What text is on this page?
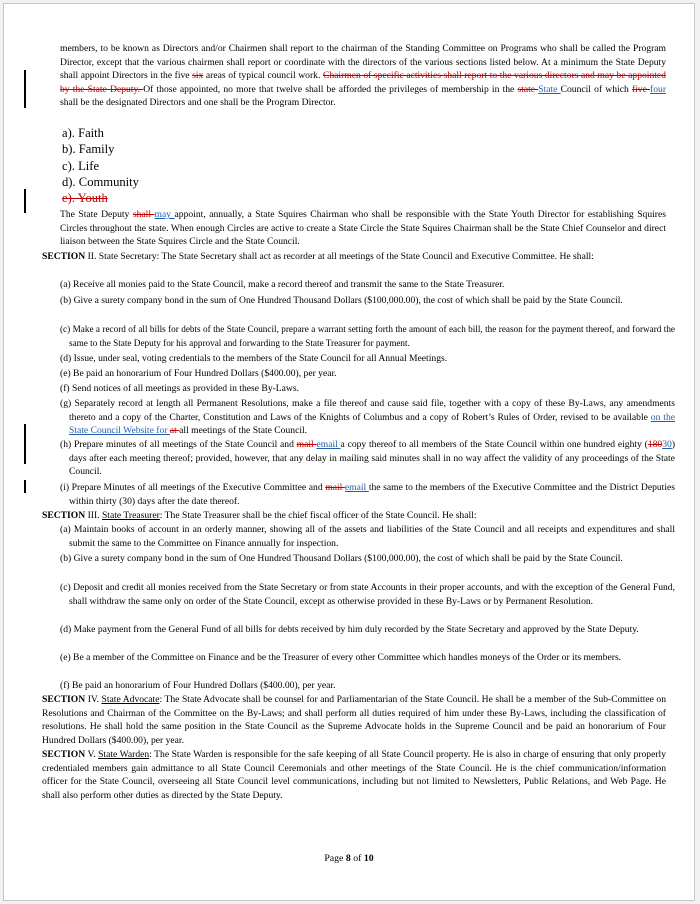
members, to be known as Directors and/or Chairmen shall report to the chairman of the Standing Committee on Programs who shall be called the Program Director, except that the various chairmen shall report or coordinate with the directors of the various sections listed below. At a minimum the State Deputy shall appoint Directors in the five six areas of typical council work. Chairmen of specific activities shall report to the various directors and may be appointed by the State Deputy. Of those appointed, no more that twelve shall be afforded the privileges of membership in the state State Council of which five four shall be the designated Directors and one shall be the Program Director.
a). Faith
b). Family
c). Life
d). Community
e). Youth
The State Deputy shall may appoint, annually, a State Squires Chairman who shall be responsible with the State Youth Director for establishing Squires Circles throughout the state. When enough Circles are active to create a State Circle the State Squires Chairman shall be the State Chief Counselor and direct liaison between the State Squires Circle and the State Council.
SECTION II. State Secretary: The State Secretary shall act as recorder at all meetings of the State Council and Executive Committee. He shall:
(a) Receive all monies paid to the State Council, make a record thereof and transmit the same to the State Treasurer.
(b) Give a surety company bond in the sum of One Hundred Thousand Dollars ($100,000.00), the cost of which shall be paid by the State Council.
(c) Make a record of all bills for debts of the State Council, prepare a warrant setting forth the amount of each bill, the reason for the payment thereof, and forward the same to the State Deputy for his approval and forwarding to the State Treasurer for payment.
(d) Issue, under seal, voting credentials to the members of the State Council for all Annual Meetings.
(e) Be paid an honorarium of Four Hundred Dollars ($400.00), per year.
(f) Send notices of all meetings as provided in these By-Laws.
(g) Separately record at length all Permanent Resolutions, make a file thereof and cause said file, together with a copy of these By-Laws, any amendments thereto and a copy of the Charter, Constitution and Laws of the Knights of Columbus and a copy of Robert’s Rules of Order, revised to be available on the State Council Website for at all meetings of the State Council.
(h) Prepare minutes of all meetings of the State Council and mail email a copy thereof to all members of the State Council within one hundred eighty (18030) days after each meeting thereof; provided, however, that any delay in mailing said minutes shall in no way affect the validity of any proceedings of the State Council.
(i) Prepare Minutes of all meetings of the Executive Committee and mail email the same to the members of the Executive Committee and the District Deputies within thirty (30) days after the date thereof.
SECTION III. State Treasurer: The State Treasurer shall be the chief fiscal officer of the State Council. He shall:
(a) Maintain books of account in an orderly manner, showing all of the assets and liabilities of the State Council and all receipts and expenditures and shall submit the same to the Committee on Finance annually for inspection.
(b) Give a surety company bond in the sum of One Hundred Thousand Dollars ($100,000.00), the cost of which shall be paid by the State Council.
(c) Deposit and credit all monies received from the State Secretary or from state Accounts in their proper accounts, and with the exception of the General Fund, shall withdraw the same only on order of the State Council, except as otherwise provided in these By-Laws or by Permanent Resolution.
(d) Make payment from the General Fund of all bills for debts received by him duly recorded by the State Secretary and approved by the State Deputy.
(e) Be a member of the Committee on Finance and be the Treasurer of every other Committee which handles moneys of the Order or its members.
(f) Be paid an honorarium of Four Hundred Dollars ($400.00), per year.
SECTION IV. State Advocate: The State Advocate shall be counsel for and Parliamentarian of the State Council. He shall be a member of the Sub-Committee on Resolutions and Chairman of the Committee on the By-Laws; and shall perform all duties required of him under these By-Laws, including the classification of resolutions. He shall hold the same position in the State Council as the Supreme Advocate holds in the Supreme Council and be paid an honorarium of Four Hundred Dollars ($400.00), per year.
SECTION V. State Warden: The State Warden is responsible for the safe keeping of all State Council property. He is also in charge of ensuring that only properly credentialed members gain admittance to all State Council Ceremonials and other meetings of the State Council. He is the chief communication/information officer for the State Council, overseeing all State Council level communications, including but not limited to Newsletters, Public Relations, and Web Page. He shall also perform other duties as directed by the State Deputy.
Page 8 of 10
